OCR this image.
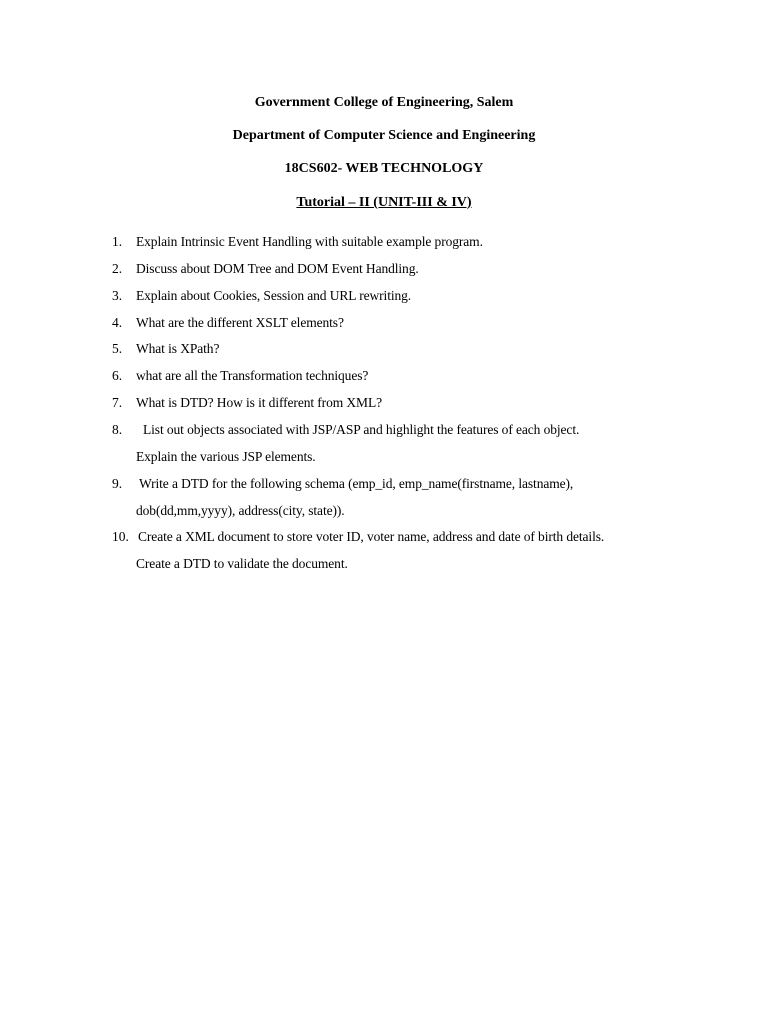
Government College of Engineering, Salem
Department of Computer Science and Engineering
18CS602- WEB TECHNOLOGY
Tutorial – II (UNIT-III & IV)
1. Explain Intrinsic Event Handling with suitable example program.
2. Discuss about DOM Tree and DOM Event Handling.
3. Explain about Cookies, Session and URL rewriting.
4. What are the different XSLT elements?
5. What is XPath?
6. what are all the Transformation techniques?
7. What is DTD? How is it different from XML?
8. List out objects associated with JSP/ASP and highlight the features of each object.
Explain the various JSP elements.
9. Write a DTD for the following schema (emp_id, emp_name(firstname, lastname),
dob(dd,mm,yyyy), address(city, state)).
10. Create a XML document to store voter ID, voter name, address and date of birth details.
Create a DTD to validate the document.
